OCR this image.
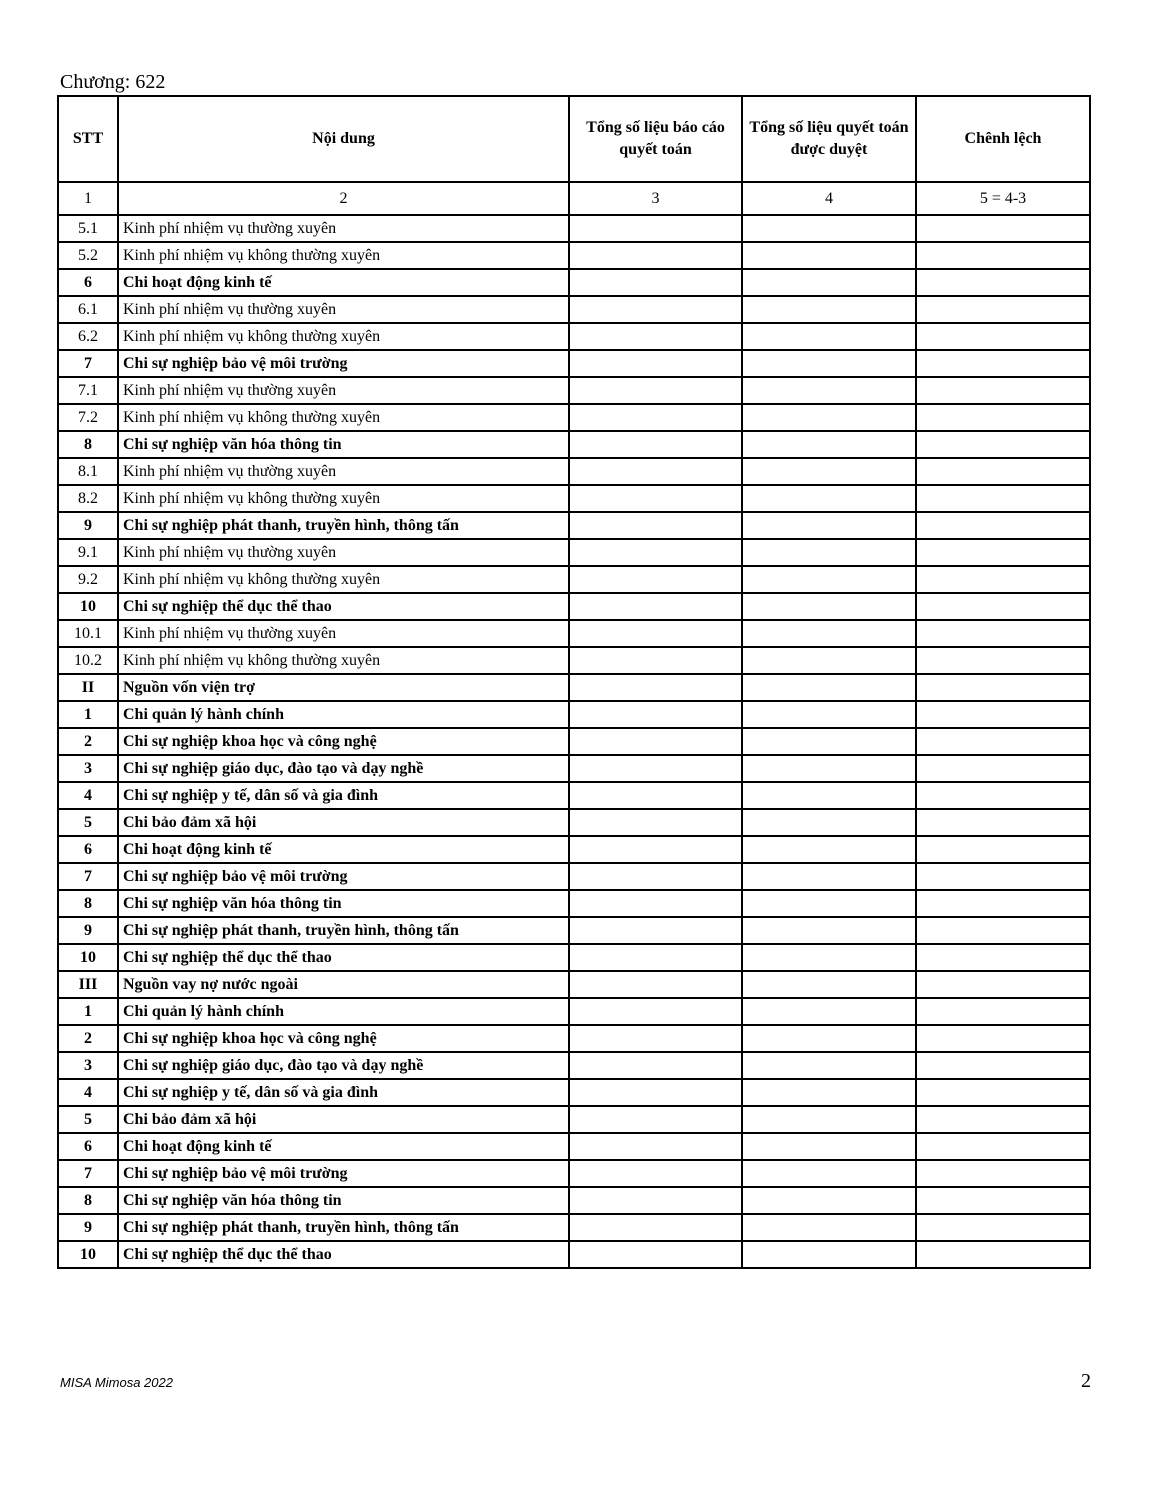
Chương: 622
STT	Nội dung	Tổng số liệu báo cáo quyết toán	Tổng số liệu quyết toán được duyệt	Chênh lệch
1	2	3	4	5 = 4-3
5.1	Kinh phí nhiệm vụ thường xuyên			
5.2	Kinh phí nhiệm vụ không thường xuyên			
6	Chi hoạt động kinh tế			
6.1	Kinh phí nhiệm vụ thường xuyên			
6.2	Kinh phí nhiệm vụ không thường xuyên			
7	Chi sự nghiệp bảo vệ môi trường			
7.1	Kinh phí nhiệm vụ thường xuyên			
7.2	Kinh phí nhiệm vụ không thường xuyên			
8	Chi sự nghiệp văn hóa thông tin			
8.1	Kinh phí nhiệm vụ thường xuyên			
8.2	Kinh phí nhiệm vụ không thường xuyên			
9	Chi sự nghiệp phát thanh, truyền hình, thông tấn			
9.1	Kinh phí nhiệm vụ thường xuyên			
9.2	Kinh phí nhiệm vụ không thường xuyên			
10	Chi sự nghiệp thể dục thể thao			
10.1	Kinh phí nhiệm vụ thường xuyên			
10.2	Kinh phí nhiệm vụ không thường xuyên			
II	Nguồn vốn viện trợ			
1	Chi quản lý hành chính			
2	Chi sự nghiệp khoa học và công nghệ			
3	Chi sự nghiệp giáo dục, đào tạo và dạy nghề			
4	Chi sự nghiệp y tế, dân số và gia đình			
5	Chi bảo đảm xã hội			
6	Chi hoạt động kinh tế			
7	Chi sự nghiệp bảo vệ môi trường			
8	Chi sự nghiệp văn hóa thông tin			
9	Chi sự nghiệp phát thanh, truyền hình, thông tấn			
10	Chi sự nghiệp thể dục thể thao			
III	Nguồn vay nợ nước ngoài			
1	Chi quản lý hành chính			
2	Chi sự nghiệp khoa học và công nghệ			
3	Chi sự nghiệp giáo dục, đào tạo và dạy nghề			
4	Chi sự nghiệp y tế, dân số và gia đình			
5	Chi bảo đảm xã hội			
6	Chi hoạt động kinh tế			
7	Chi sự nghiệp bảo vệ môi trường			
8	Chi sự nghiệp văn hóa thông tin			
9	Chi sự nghiệp phát thanh, truyền hình, thông tấn			
10	Chi sự nghiệp thể dục thể thao			
MISA Mimosa 2022	2
